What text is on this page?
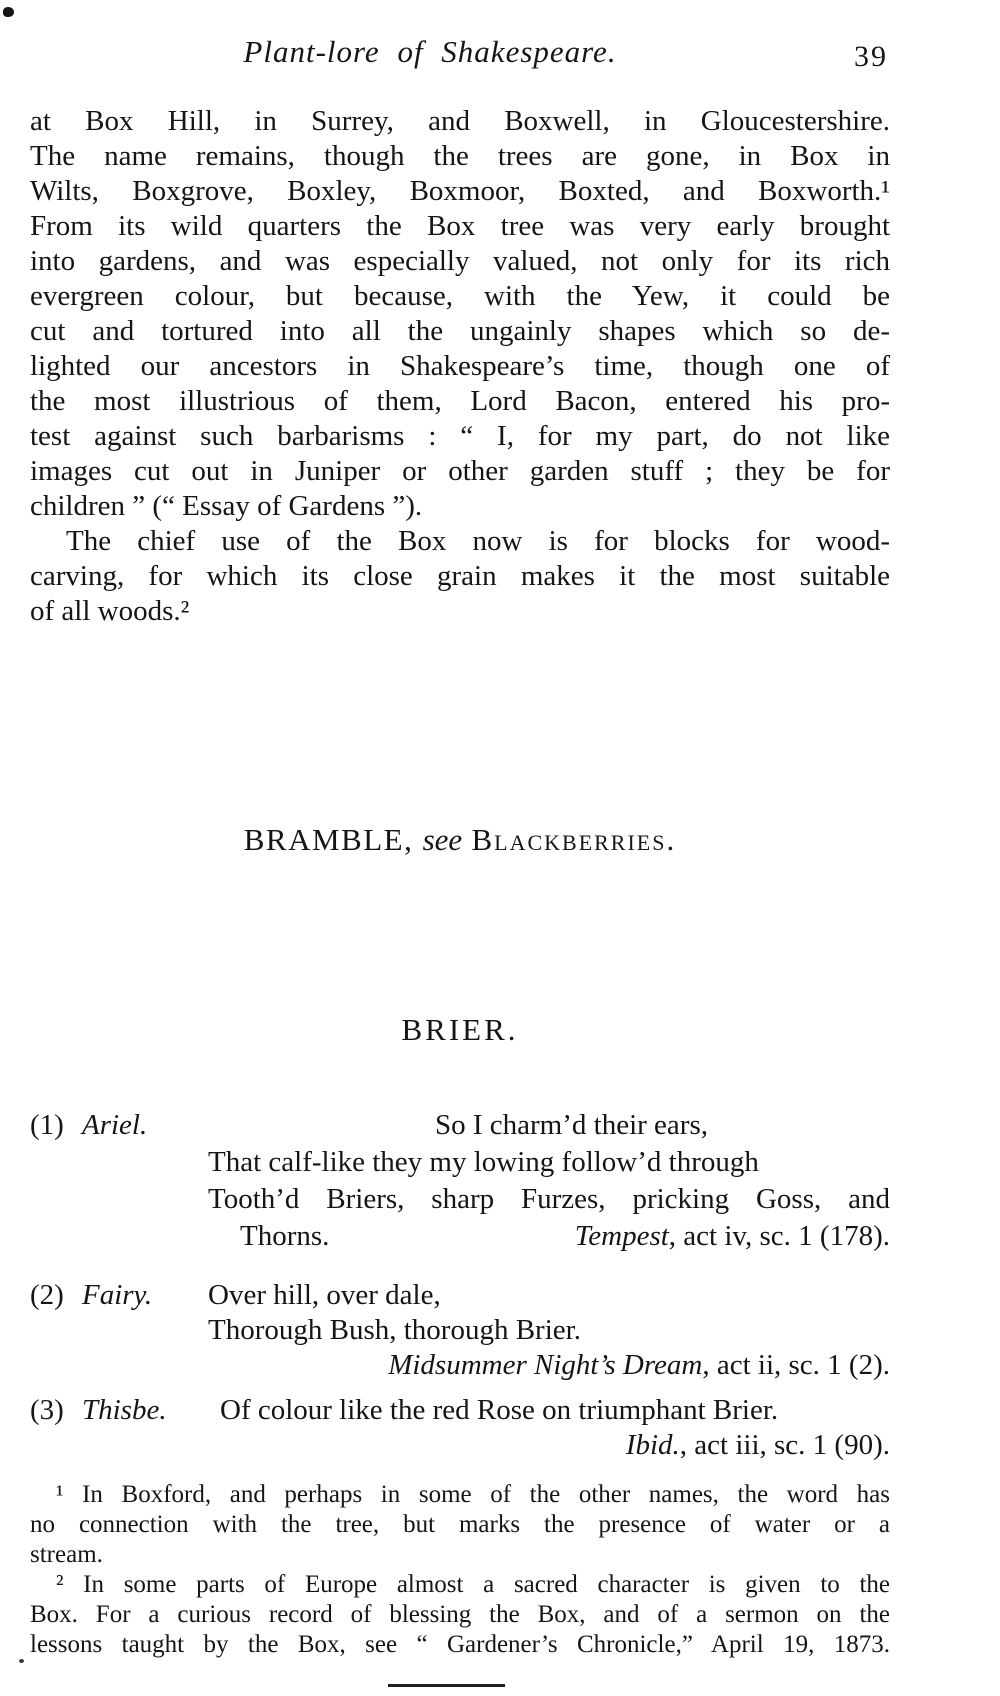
Plant-lore of Shakespeare.	39
at Box Hill, in Surrey, and Boxwell, in Gloucestershire.
The name remains, though the trees are gone, in Box in
Wilts, Boxgrove, Boxley, Boxmoor, Boxted, and Boxworth.¹
From its wild quarters the Box tree was very early brought
into gardens, and was especially valued, not only for its rich
evergreen colour, but because, with the Yew, it could be
cut and tortured into all the ungainly shapes which so de-
lighted our ancestors in Shakespeare’s time, though one of
the most illustrious of them, Lord Bacon, entered his pro-
test against such barbarisms : “ I, for my part, do not like
images cut out in Juniper or other garden stuff ; they be for
children ” (“ Essay of Gardens ”).
The chief use of the Box now is for blocks for wood-
carving, for which its close grain makes it the most suitable
of all woods.²
BRAMBLE, see Blackberries.
BRIER.
(1) Ariel.	So I charm’d their ears,
That calf-like they my lowing follow’d through
Tooth’d Briers, sharp Furzes, pricking Goss, and
Thorns.	Tempest, act iv, sc. 1 (178).
(2) Fairy. Over hill, over dale,
Thorough Bush, thorough Brier.
Midsummer Night’s Dream, act ii, sc. 1 (2).
(3) Thisbe. Of colour like the red Rose on triumphant Brier.
Ibid., act iii, sc. 1 (90).
¹ In Boxford, and perhaps in some of the other names, the word has
no connection with the tree, but marks the presence of water or a
stream.
² In some parts of Europe almost a sacred character is given to the
Box. For a curious record of blessing the Box, and of a sermon on the
lessons taught by the Box, see “ Gardener’s Chronicle,” April 19, 1873.
